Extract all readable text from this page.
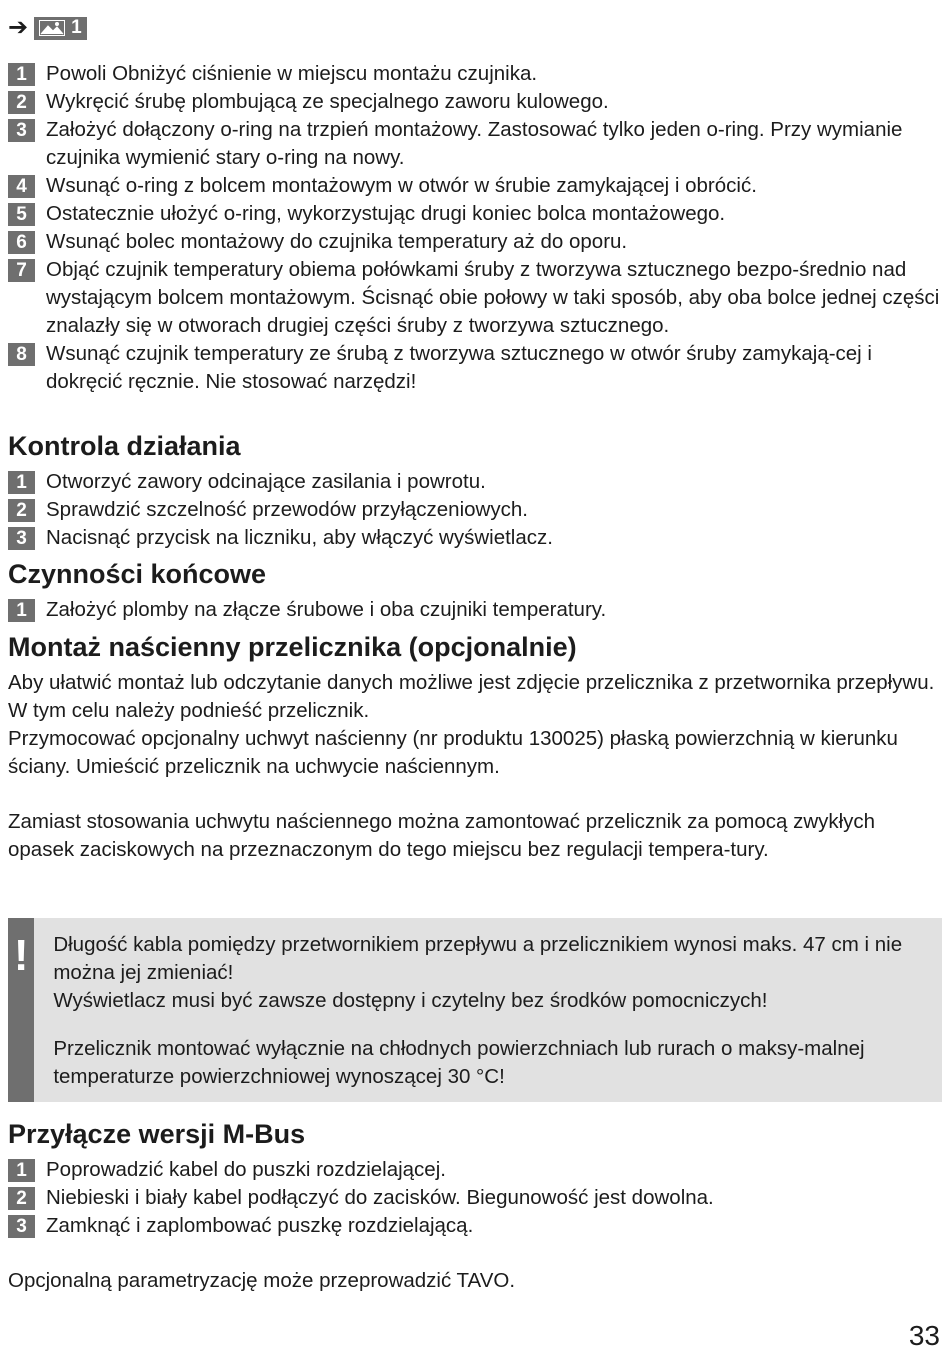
➔ 1
1 Powoli Obniżyć ciśnienie w miejscu montażu czujnika.
2 Wykręcić śrubę plombującą ze specjalnego zaworu kulowego.
3 Założyć dołączony o-ring na trzpień montażowy. Zastosować tylko jeden o-ring. Przy wymianie czujnika wymienić stary o-ring na nowy.
4 Wsunąć o-ring z bolcem montażowym w otwór w śrubie zamykającej i obrócić.
5 Ostatecznie ułożyć o-ring, wykorzystując drugi koniec bolca montażowego.
6 Wsunąć bolec montażowy do czujnika temperatury aż do oporu.
7 Objąć czujnik temperatury obiema połówkami śruby z tworzywa sztucznego bezpo-średnio nad wystającym bolcem montażowym. Ścisnąć obie połowy w taki sposób, aby oba bolce jednej części znalazły się w otworach drugiej części śruby z tworzywa sztucznego.
8 Wsunąć czujnik temperatury ze śrubą z tworzywa sztucznego w otwór śruby zamykają-cej i dokręcić ręcznie. Nie stosować narzędzi!
Kontrola działania
1 Otworzyć zawory odcinające zasilania i powrotu.
2 Sprawdzić szczelność przewodów przyłączeniowych.
3 Nacisnąć przycisk na liczniku, aby włączyć wyświetlacz.
Czynności końcowe
1 Założyć plomby na złącze śrubowe i oba czujniki temperatury.
Montaż naścienny przelicznika (opcjonalnie)

Aby ułatwić montaż lub odczytanie danych możliwe jest zdjęcie przelicznika z przetwornika przepływu. W tym celu należy podnieść przelicznik.

Przymocować opcjonalny uchwyt naścienny (nr produktu 130025) płaską powierzchnią w kierunku ściany. Umieścić przelicznik na uchwycie naściennym.

Zamiast stosowania uchwytu naściennego można zamontować przelicznik za pomocą zwykłych opasek zaciskowych na przeznaczonym do tego miejscu bez regulacji tempera-tury.

! Długość kabla pomiędzy przetwornikiem przepływu a przelicznikiem wynosi maks. 47 cm i nie można jej zmieniać!
Wyświetlacz musi być zawsze dostępny i czytelny bez środków pomocniczych!

Przelicznik montować wyłącznie na chłodnych powierzchniach lub rurach o maksy-malnej temperaturze powierzchniowej wynoszącej 30 °C!

Przyłącze wersji M-Bus
1 Poprowadzić kabel do puszki rozdzielającej.
2 Niebieski i biały kabel podłączyć do zacisków. Biegunowość jest dowolna.
3 Zamknąć i zaplombować puszkę rozdzielającą.

Opcjonalną parametryzację może przeprowadzić TAVO.

33
